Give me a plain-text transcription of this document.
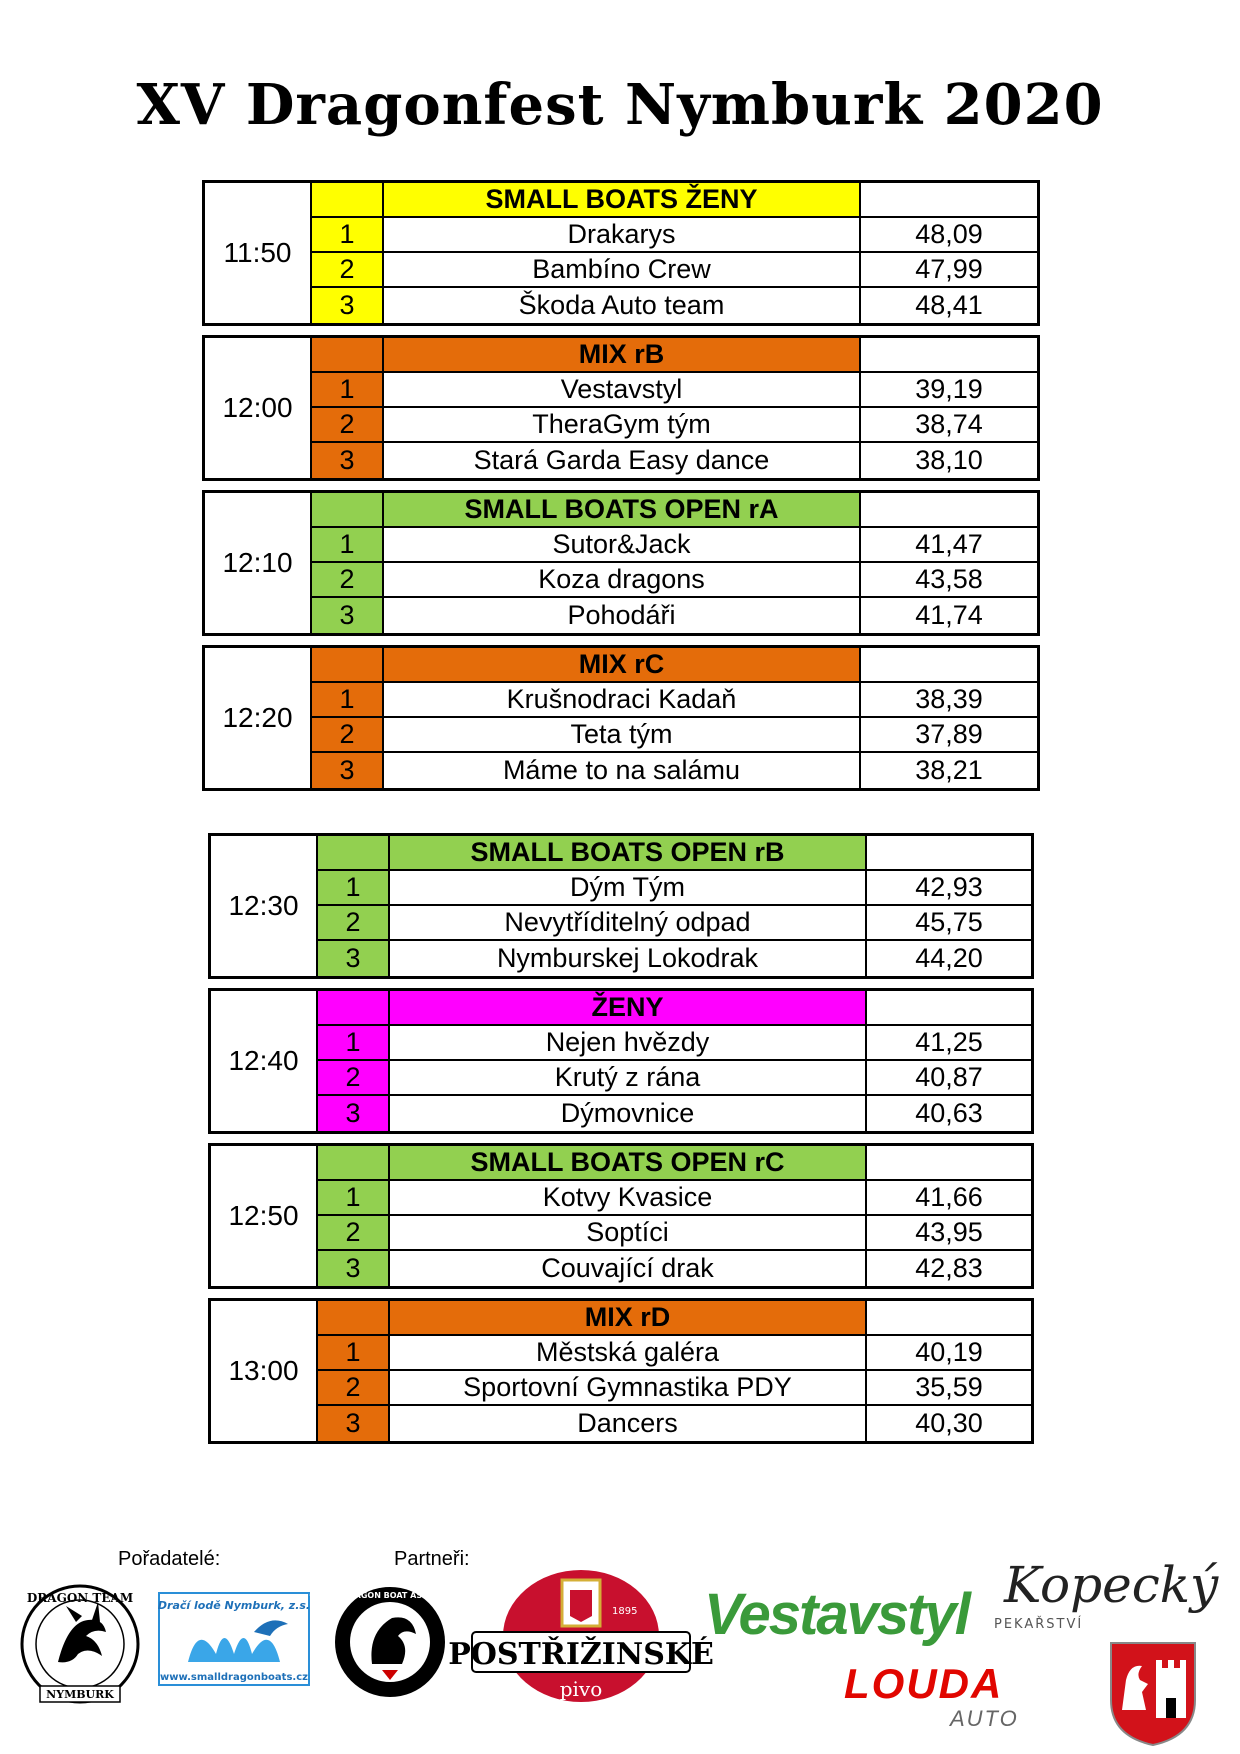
XV Dragonfest Nymburk 2020
11:50
SMALL BOATS ŽENY
1	Drakarys	48,09
2	Bambíno Crew	47,99
3	Škoda Auto team	48,41
12:00
MIX rB
1	Vestavstyl	39,19
2	TheraGym tým	38,74
3	Stará Garda Easy dance	38,10
12:10
SMALL BOATS OPEN rA
1	Sutor&Jack	41,47
2	Koza dragons	43,58
3	Pohodáři	41,74
12:20
MIX rC
1	Krušnodraci Kadaň	38,39
2	Teta tým	37,89
3	Máme to na salámu	38,21
12:30
SMALL BOATS OPEN rB
1	Dým Tým	42,93
2	Nevytříditelný odpad	45,75
3	Nymburskej Lokodrak	44,20
12:40
ŽENY
1	Nejen hvězdy	41,25
2	Krutý z rána	40,87
3	Dýmovnice	40,63
12:50
SMALL BOATS OPEN rC
1	Kotvy Kvasice	41,66
2	Soptíci	43,95
3	Couvající drak	42,83
13:00
MIX rD
1	Městská galéra	40,19
2	Sportovní Gymnastika PDY	35,59
3	Dancers	40,30
Pořadatelé:	Partneři:
DRAGON TEAM
NYMBURK
Dračí lodě Nymburk, z.s.
www.smalldragonboats.cz
CZECH DRAGON BOAT ASSOCIATION
1895
POSTŘIŽINSKÉ
pivo
Vestavstyl
LOUDA
AUTO
Kopecký
PEKAŘSTVÍ
